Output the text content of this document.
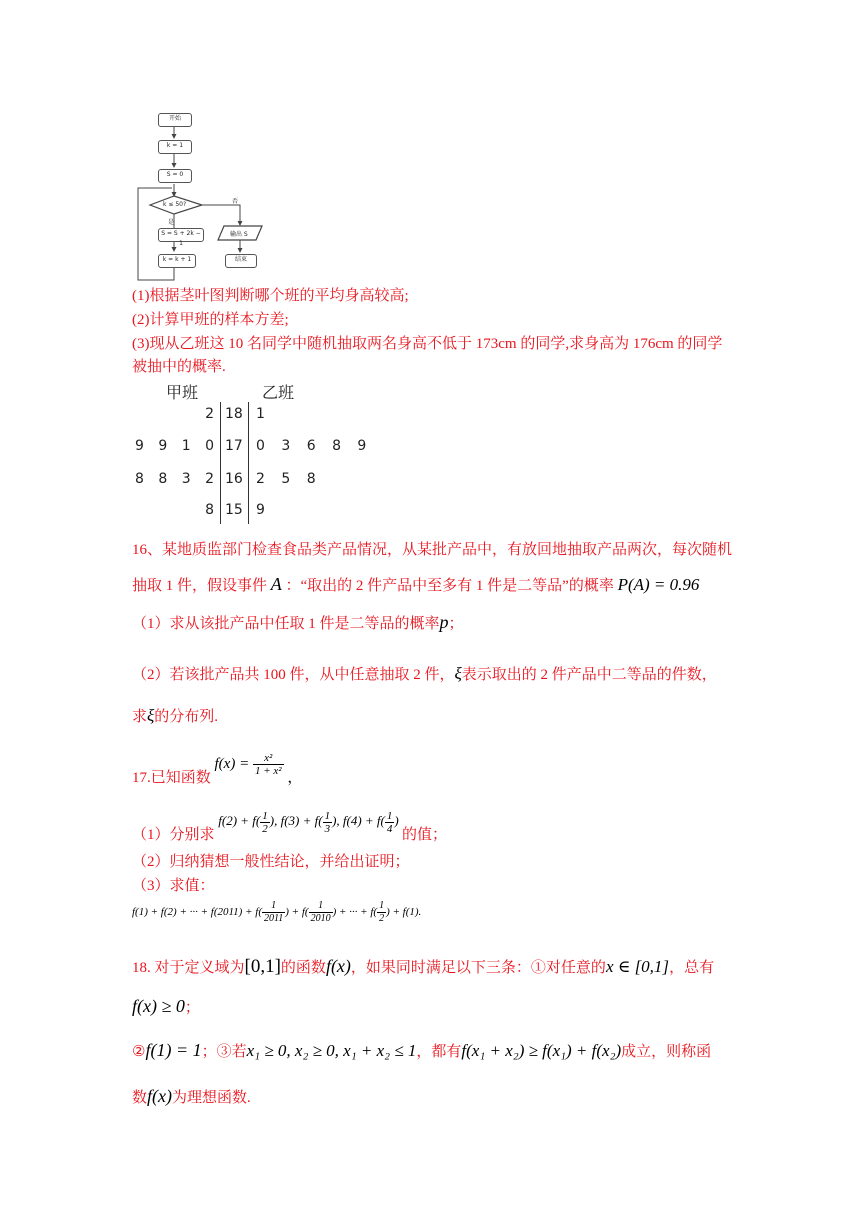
开始
k = 1
S = 0
k ≤ 50?
是
否
S = S + 2k − 1
k = k + 1
输出 S
结束
(1)根据茎叶图判断哪个班的平均身高较高;
(2)计算甲班的样本方差;
(3)现从乙班这 10 名同学中随机抽取两名身高不低于 173cm 的同学,求身高为 176cm 的同学
被抽中的概率.
甲班	乙班
2 18 1
9 9 1 0 17 0 3 6 8 9
8 8 3 2 16 2 5 8
8 15 9
16、某地质监部门检查食品类产品情况，从某批产品中，有放回地抽取产品两次，每次随机
抽取 1 件，假设事件 A ：“取出的 2 件产品中至多有 1 件是二等品”的概率 P(A) = 0.96
（1）求从该批产品中任取 1 件是二等品的概率p；
（2）若该批产品共 100 件，从中任意抽取 2 件，ξ表示取出的 2 件产品中二等品的件数，
求ξ的分布列.
17.已知函数 $f(x) = \frac{\text{x²}}{\text{1 + x²}}$
，
（1）分别求 $f(2) + f( \frac{1}{2}$ ), $f(3) + f( \frac{1}{3}$ ), $f(4) + f( \frac{1}{4}$ ) 的值；
（2）归纳猜想一般性结论，并给出证明；
（3）求值：
f(1) + f(2) + ··· + $f(2011) + f( \frac{1}{2011}$ ) + $f( \frac{1}{2010}$ ) + ··· + $f( \frac{1}{2}$ ) + f(1).
18. 对于定义域为[0,1]的函数f(x)，如果同时满足以下三条：①对任意的x ∈ [0,1]，总有
f(x) ≥ 0；
②f(1) = 1；③若x₁ ≥ 0, x₂ ≥ 0, x₁ + x₂ ≤ 1，都有f(x₁ + x₂) ≥ f(x₁) + f(x₂)成立，则称函
数f(x)为理想函数.
